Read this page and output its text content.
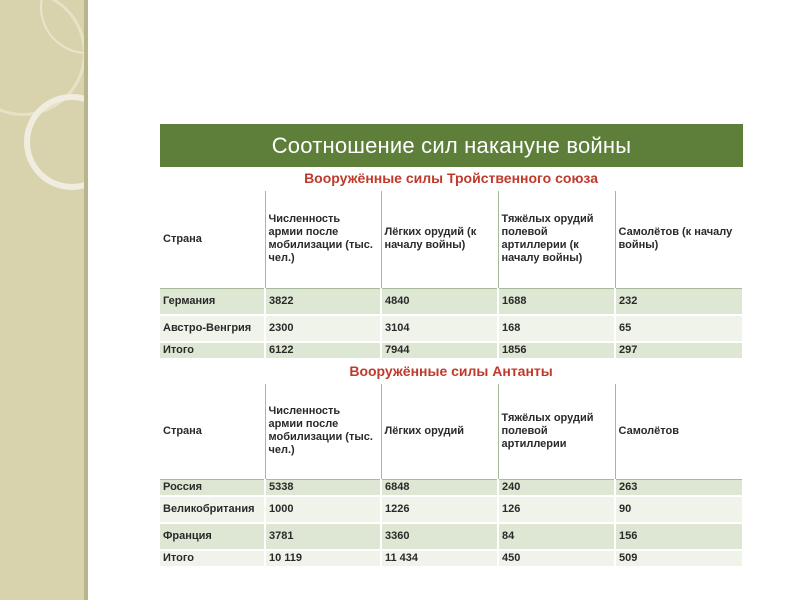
Соотношение сил накануне войны
Вооружённые силы Тройственного союза				
Страна	Численность армии после мобилизации (тыс. чел.)	Лёгких орудий (к началу войны)	Тяжёлых орудий полевой артиллерии (к началу войны)	Самолётов (к началу войны)
Германия	3822	4840	1688	232
Австро-Венгрия	2300	3104	168	65
Итого	6122	7944	1856	297
Вооружённые силы Антанты				
Страна	Численность армии после мобилизации (тыс. чел.)	Лёгких орудий	Тяжёлых орудий полевой артиллерии	Самолётов
Россия	5338	6848	240	263
Великобритания	1000	1226	126	90
Франция	3781	3360	84	156
Итого	10 119	11 434	450	509
